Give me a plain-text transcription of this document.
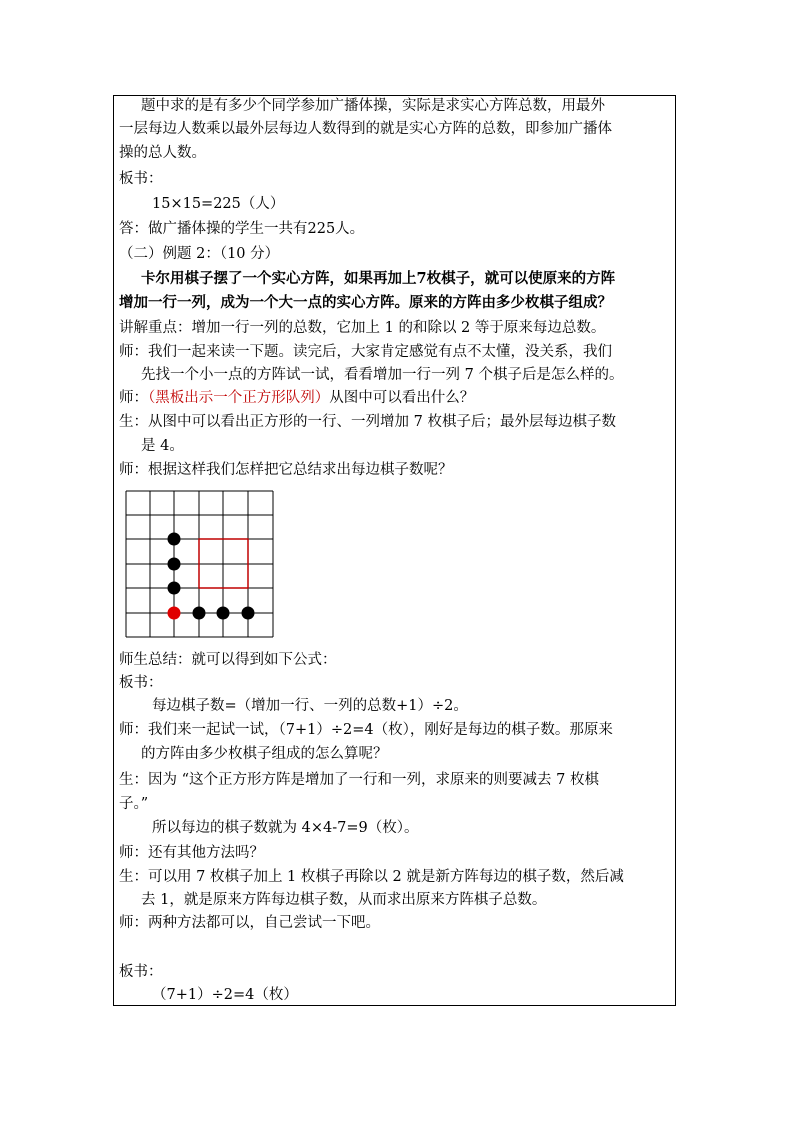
题中求的是有多少个同学参加广播体操，实际是求实心方阵总数，用最外
一层每边人数乘以最外层每边人数得到的就是实心方阵的总数，即参加广播体
操的总人数。
板书：
15×15=225（人）
答：做广播体操的学生一共有225人。
（二）例题 2：（10 分）
卡尔用棋子摆了一个实心方阵，如果再加上7枚棋子，就可以使原来的方阵
增加一行一列，成为一个大一点的实心方阵。原来的方阵由多少枚棋子组成？
讲解重点：增加一行一列的总数，它加上 1 的和除以 2 等于原来每边总数。
师：我们一起来读一下题。读完后，大家肯定感觉有点不太懂，没关系，我们
先找一个小一点的方阵试一试，看看增加一行一列 7 个棋子后是怎么样的。
师：（黑板出示一个正方形队列）从图中可以看出什么？
生：从图中可以看出正方形的一行、一列增加 7 枚棋子后；最外层每边棋子数
是 4。
师：根据这样我们怎样把它总结求出每边棋子数呢？
师生总结：就可以得到如下公式：
板书：
每边棋子数=（增加一行、一列的总数+1）÷2。
师：我们来一起试一试，（7+1）÷2=4（枚），刚好是每边的棋子数。那原来
的方阵由多少枚棋子组成的怎么算呢？
生：因为 “这个正方形方阵是增加了一行和一列，求原来的则要减去 7 枚棋
子。”
所以每边的棋子数就为 4×4-7=9（枚）。
师：还有其他方法吗？
生：可以用 7 枚棋子加上 1 枚棋子再除以 2 就是新方阵每边的棋子数，然后减
去 1，就是原来方阵每边棋子数，从而求出原来方阵棋子总数。
师：两种方法都可以，自己尝试一下吧。
板书：
（7+1）÷2=4（枚）
